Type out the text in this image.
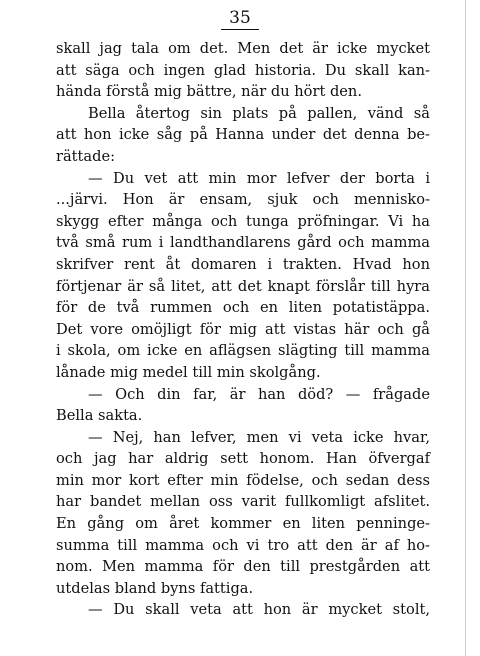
35
skall jag tala om det. Men det är icke mycket
att säga och ingen glad historia. Du skall kan-
hända förstå mig bättre, när du hört den.
Bella återtog sin plats på pallen, vänd så
att hon icke såg på Hanna under det denna be-
rättade:
— Du vet att min mor lefver der borta i
...järvi. Hon är ensam, sjuk och mennisko-
skygg efter många och tunga pröfningar. Vi ha
två små rum i landthandlarens gård och mamma
skrifver rent åt domaren i trakten. Hvad hon
förtjenar är så litet, att det knapt förslår till hyra
för de två rummen och en liten potatistäppa.
Det vore omöjligt för mig att vistas här och gå
i skola, om icke en aflägsen slägting till mamma
lånade mig medel till min skolgång.
— Och din far, är han död? — frågade
Bella sakta.
— Nej, han lefver, men vi veta icke hvar,
och jag har aldrig sett honom. Han öfvergaf
min mor kort efter min födelse, och sedan dess
har bandet mellan oss varit fullkomligt afslitet.
En gång om året kommer en liten penninge-
summa till mamma och vi tro att den är af ho-
nom. Men mamma för den till prestgården att
utdelas bland byns fattiga.
— Du skall veta att hon är mycket stolt,
